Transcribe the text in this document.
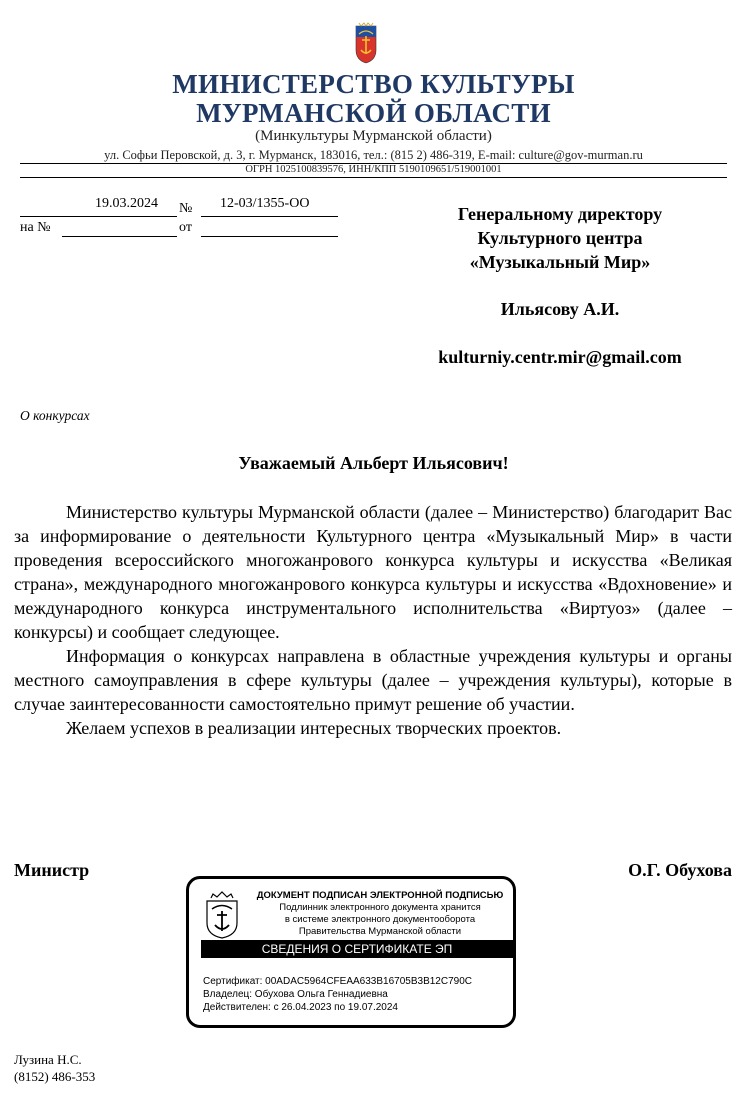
МИНИСТЕРСТВО КУЛЬТУРЫ
МУРМАНСКОЙ ОБЛАСТИ
(Минкультуры Мурманской области)
ул. Софьи Перовской, д. 3, г. Мурманск, 183016, тел.: (815 2) 486-319, E-mail: culture@gov-murman.ru
ОГРН 1025100839576, ИНН/КПП 5190109651/519001001
19.03.2024 № 12-03/1355-ОО
на №	от
Генеральному директору
Культурного центра
«Музыкальный Мир»
Ильясову А.И.
kulturniy.centr.mir@gmail.com
О конкурсах
Уважаемый Альберт Ильясович!

Министерство культуры Мурманской области (далее – Министерство) благодарит Вас за информирование о деятельности Культурного центра «Музыкальный Мир» в части проведения всероссийского многожанрового конкурса культуры и искусства «Великая страна», международного многожанрового конкурса культуры и искусства «Вдохновение» и международного конкурса инструментального исполнительства «Виртуоз» (далее – конкурсы) и сообщает следующее.

Информация о конкурсах направлена в областные учреждения культуры и органы местного самоуправления в сфере культуры (далее – учреждения культуры), которые в случае заинтересованности самостоятельно примут решение об участии.

Желаем успехов в реализации интересных творческих проектов.

Министр	О.Г. Обухова
ДОКУМЕНТ ПОДПИСАН ЭЛЕКТРОННОЙ ПОДПИСЬЮ
Подлинник электронного документа хранится
в системе электронного документооборота
Правительства Мурманской области
СВЕДЕНИЯ О СЕРТИФИКАТЕ ЭП
Сертификат: 00ADAC5964CFEAA633B16705B3B12C790C
Владелец: Обухова Ольга Геннадиевна
Действителен: с 26.04.2023 по 19.07.2024
Лузина Н.С.
(8152) 486-353
